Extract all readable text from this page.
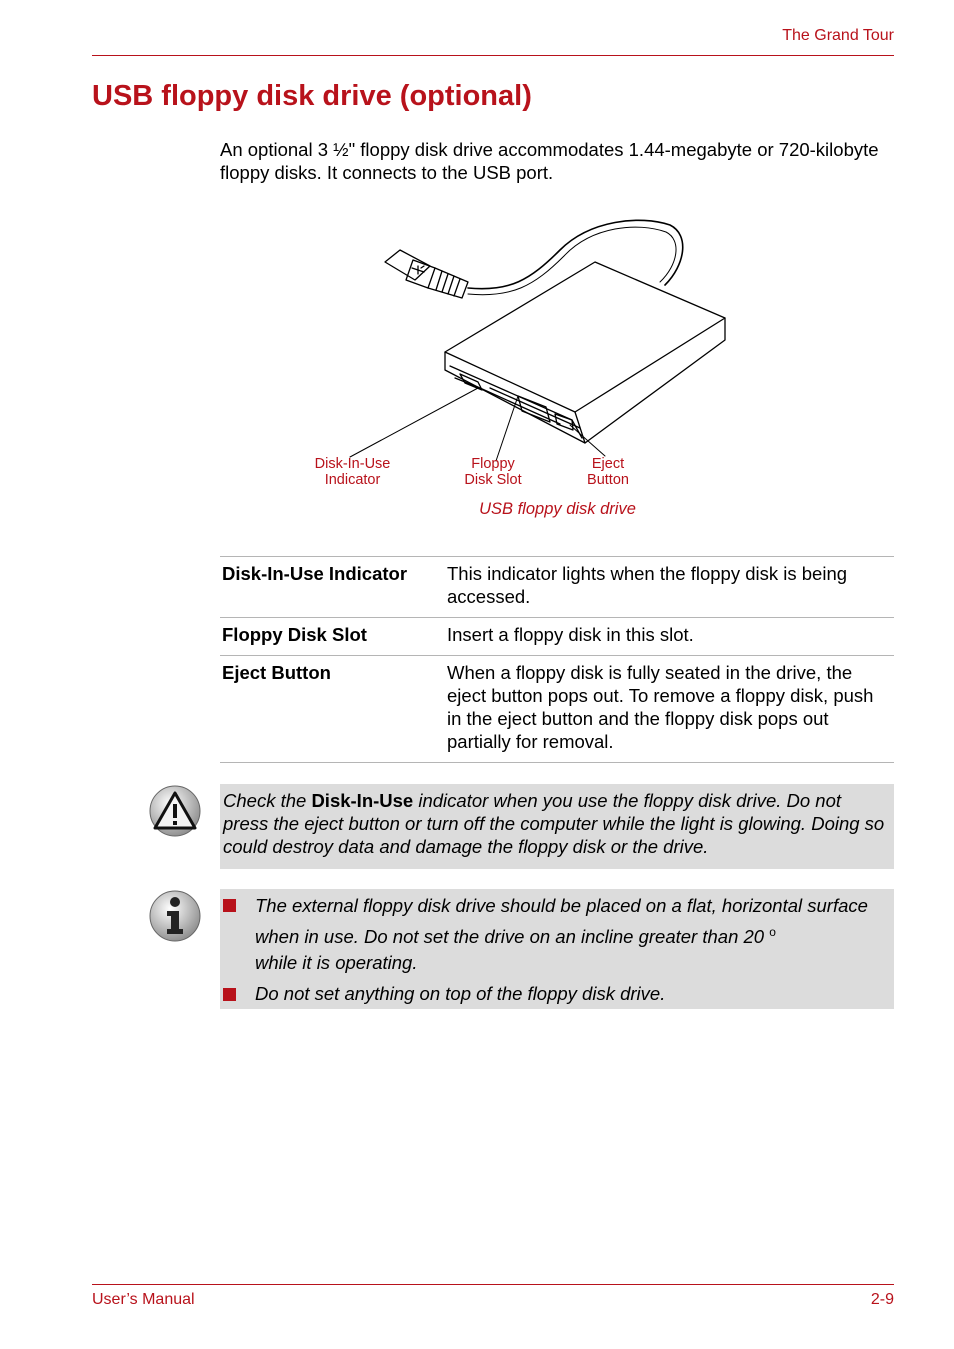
The Grand Tour
USB floppy disk drive (optional)

An optional 3 ½" floppy disk drive accommodates 1.44-megabyte or 720-kilobyte floppy disks. It connects to the USB port.

Disk-In-Use
Indicator
Floppy
Disk Slot
Eject
Button
USB floppy disk drive
Disk-In-Use Indicator	This indicator lights when the floppy disk is being accessed.
Floppy Disk Slot	Insert a floppy disk in this slot.
Eject Button	When a floppy disk is fully seated in the drive, the eject button pops out. To remove a floppy disk, push in the eject button and the floppy disk pops out partially for removal.
Check the Disk-In-Use indicator when you use the floppy disk drive. Do not press the eject button or turn off the computer while the light is glowing. Doing so could destroy data and damage the floppy disk or the drive.
The external floppy disk drive should be placed on a flat, horizontal surface when in use. Do not set the drive on an incline greater than 20 $^o$
while it is operating.
Do not set anything on top of the floppy disk drive.
User’s Manual	2-9
